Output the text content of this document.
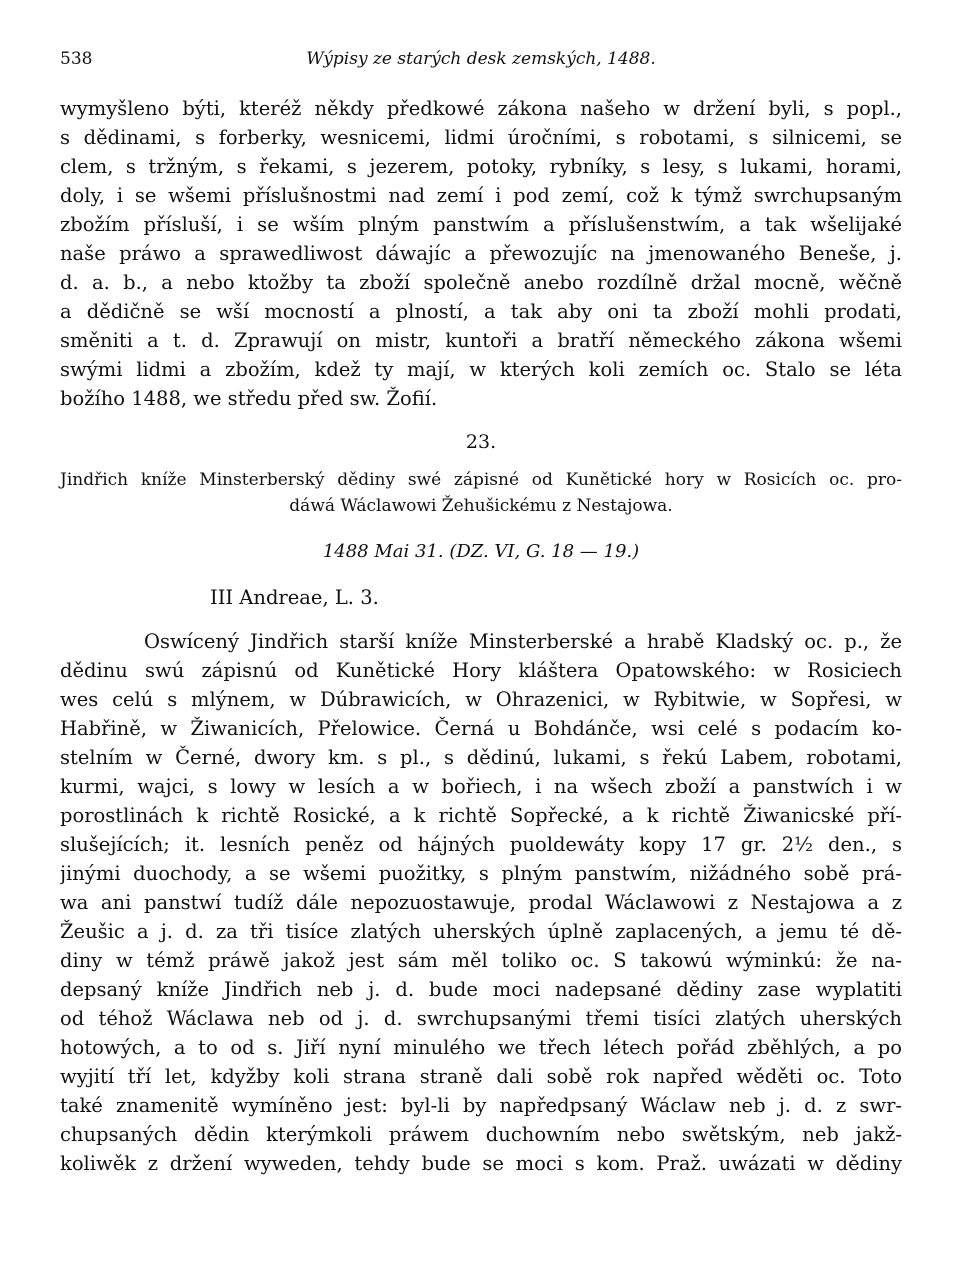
538	Wýpisy ze starých desk zemských, 1488.
wymyšleno býti, kteréž někdy předkowé zákona našeho w držení byli, s popl.,
s dědinami, s forberky, wesnicemi, lidmi úročními, s robotami, s silnicemi, se
clem, s tržným, s řekami, s jezerem, potoky, rybníky, s lesy, s lukami, horami,
doly, i se wšemi příslušnostmi nad zemí i pod zemí, což k týmž swrchupsaným
zbožím přísluší, i se wším plným panstwím a příslušenstwím, a tak wšelijaké
naše práwo a sprawedliwost dáwajíc a přewozujíc na jmenowaného Beneše, j.
d. a. b., a nebo ktožby ta zboží společně anebo rozdílně držal mocně, wěčně
a dědičně se wší mocností a plností, a tak aby oni ta zboží mohli prodati,
směniti a t. d. Zprawují on mistr, kuntoři a bratří německého zákona wšemi
swými lidmi a zbožím, kdež ty mají, w kterých koli zemích oc. Stalo se léta
božího 1488, we středu před sw. Žofií.
23.
Jindřich kníže Minsterberský dědiny swé zápisné od Kunětické hory w Rosicích oc. pro-
dáwá Wáclawowi Žehušickému z Nestajowa.
1488 Mai 31. (DZ. VI, G. 18 — 19.)
III Andreae, L. 3.
Oswícený Jindřich starší kníže Minsterberské a hrabě Kladský oc. p., že
dědinu swú zápisnú od Kunětické Hory kláštera Opatowského: w Rosiciech
wes celú s mlýnem, w Dúbrawicích, w Ohrazenici, w Rybitwie, w Sopřesi, w
Habřině, w Žiwanicích, Přelowice. Černá u Bohdánče, wsi celé s podacím ko-
stelním w Černé, dwory km. s pl., s dědinú, lukami, s řekú Labem, robotami,
kurmi, wajci, s lowy w lesích a w bořiech, i na wšech zboží a panstwích i w
porostlinách k richtě Rosické, a k richtě Sopřecké, a k richtě Žiwanicské pří-
slušejících; it. lesních peněz od hájných puoldewáty kopy 17 gr. 2½ den., s
jinými duochody, a se wšemi puožitky, s plným panstwím, nižádného sobě prá-
wa ani panstwí tudíž dále nepozuostawuje, prodal Wáclawowi z Nestajowa a z
Žeušic a j. d. za tři tisíce zlatých uherských úplně zaplacených, a jemu té dě-
diny w témž práwě jakož jest sám měl toliko oc. S takowú wýminkú: že na-
depsaný kníže Jindřich neb j. d. bude moci nadepsané dědiny zase wyplatiti
od téhož Wáclawa neb od j. d. swrchupsanými třemi tisíci zlatých uherských
hotowých, a to od s. Jiří nyní minulého we třech létech pořád zběhlých, a po
wyjití tří let, kdyžby koli strana straně dali sobě rok napřed wěděti oc. Toto
také znamenitě wymíněno jest: byl-li by napředpsaný Wáclaw neb j. d. z swr-
chupsaných dědin kterýmkoli práwem duchowním nebo swětským, neb jakž-
koliwěk z držení wyweden, tehdy bude se moci s kom. Praž. uwázati w dědiny
